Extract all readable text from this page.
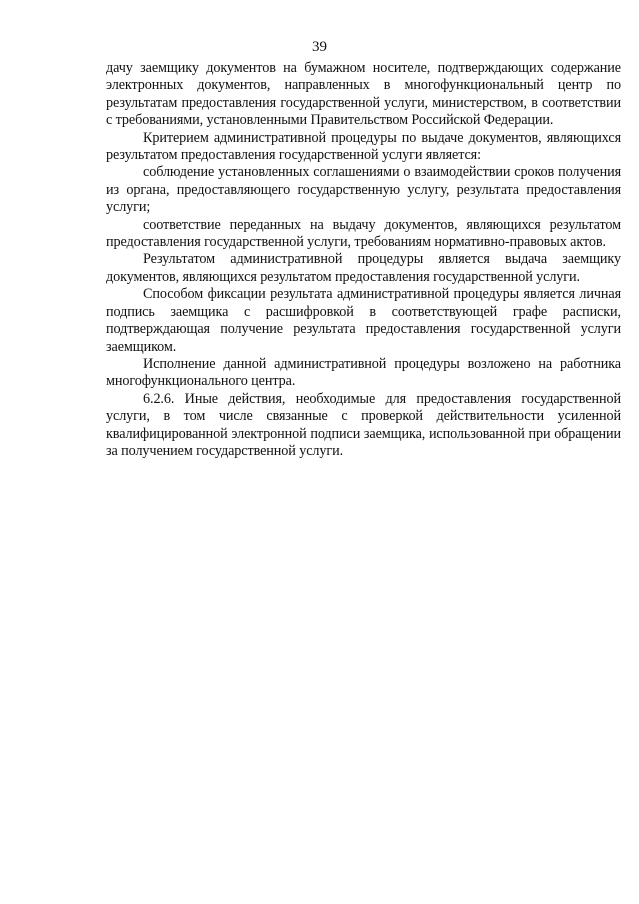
39

дачу заемщику документов на бумажном носителе, подтверждающих содержание электронных документов, направленных в многофункциональный центр по результатам предоставления государственной услуги, министерством, в соответствии с требованиями, установленными Правительством Российской Федерации.

Критерием административной процедуры по выдаче документов, являющихся результатом предоставления государственной услуги является:

соблюдение установленных соглашениями о взаимодействии сроков получения из органа, предоставляющего государственную услугу, результата предоставления услуги;

соответствие переданных на выдачу документов, являющихся результатом предоставления государственной услуги, требованиям нормативно-правовых актов.

Результатом административной процедуры является выдача заемщику документов, являющихся результатом предоставления государственной услуги.

Способом фиксации результата административной процедуры является личная подпись заемщика с расшифровкой в соответствующей графе расписки, подтверждающая получение результата предоставления государственной услуги заемщиком.

Исполнение данной административной процедуры возложено на работника многофункционального центра.

6.2.6. Иные действия, необходимые для предоставления государственной услуги, в том числе связанные с проверкой действительности усиленной квалифицированной электронной подписи заемщика, использованной при обращении за получением государственной услуги.
